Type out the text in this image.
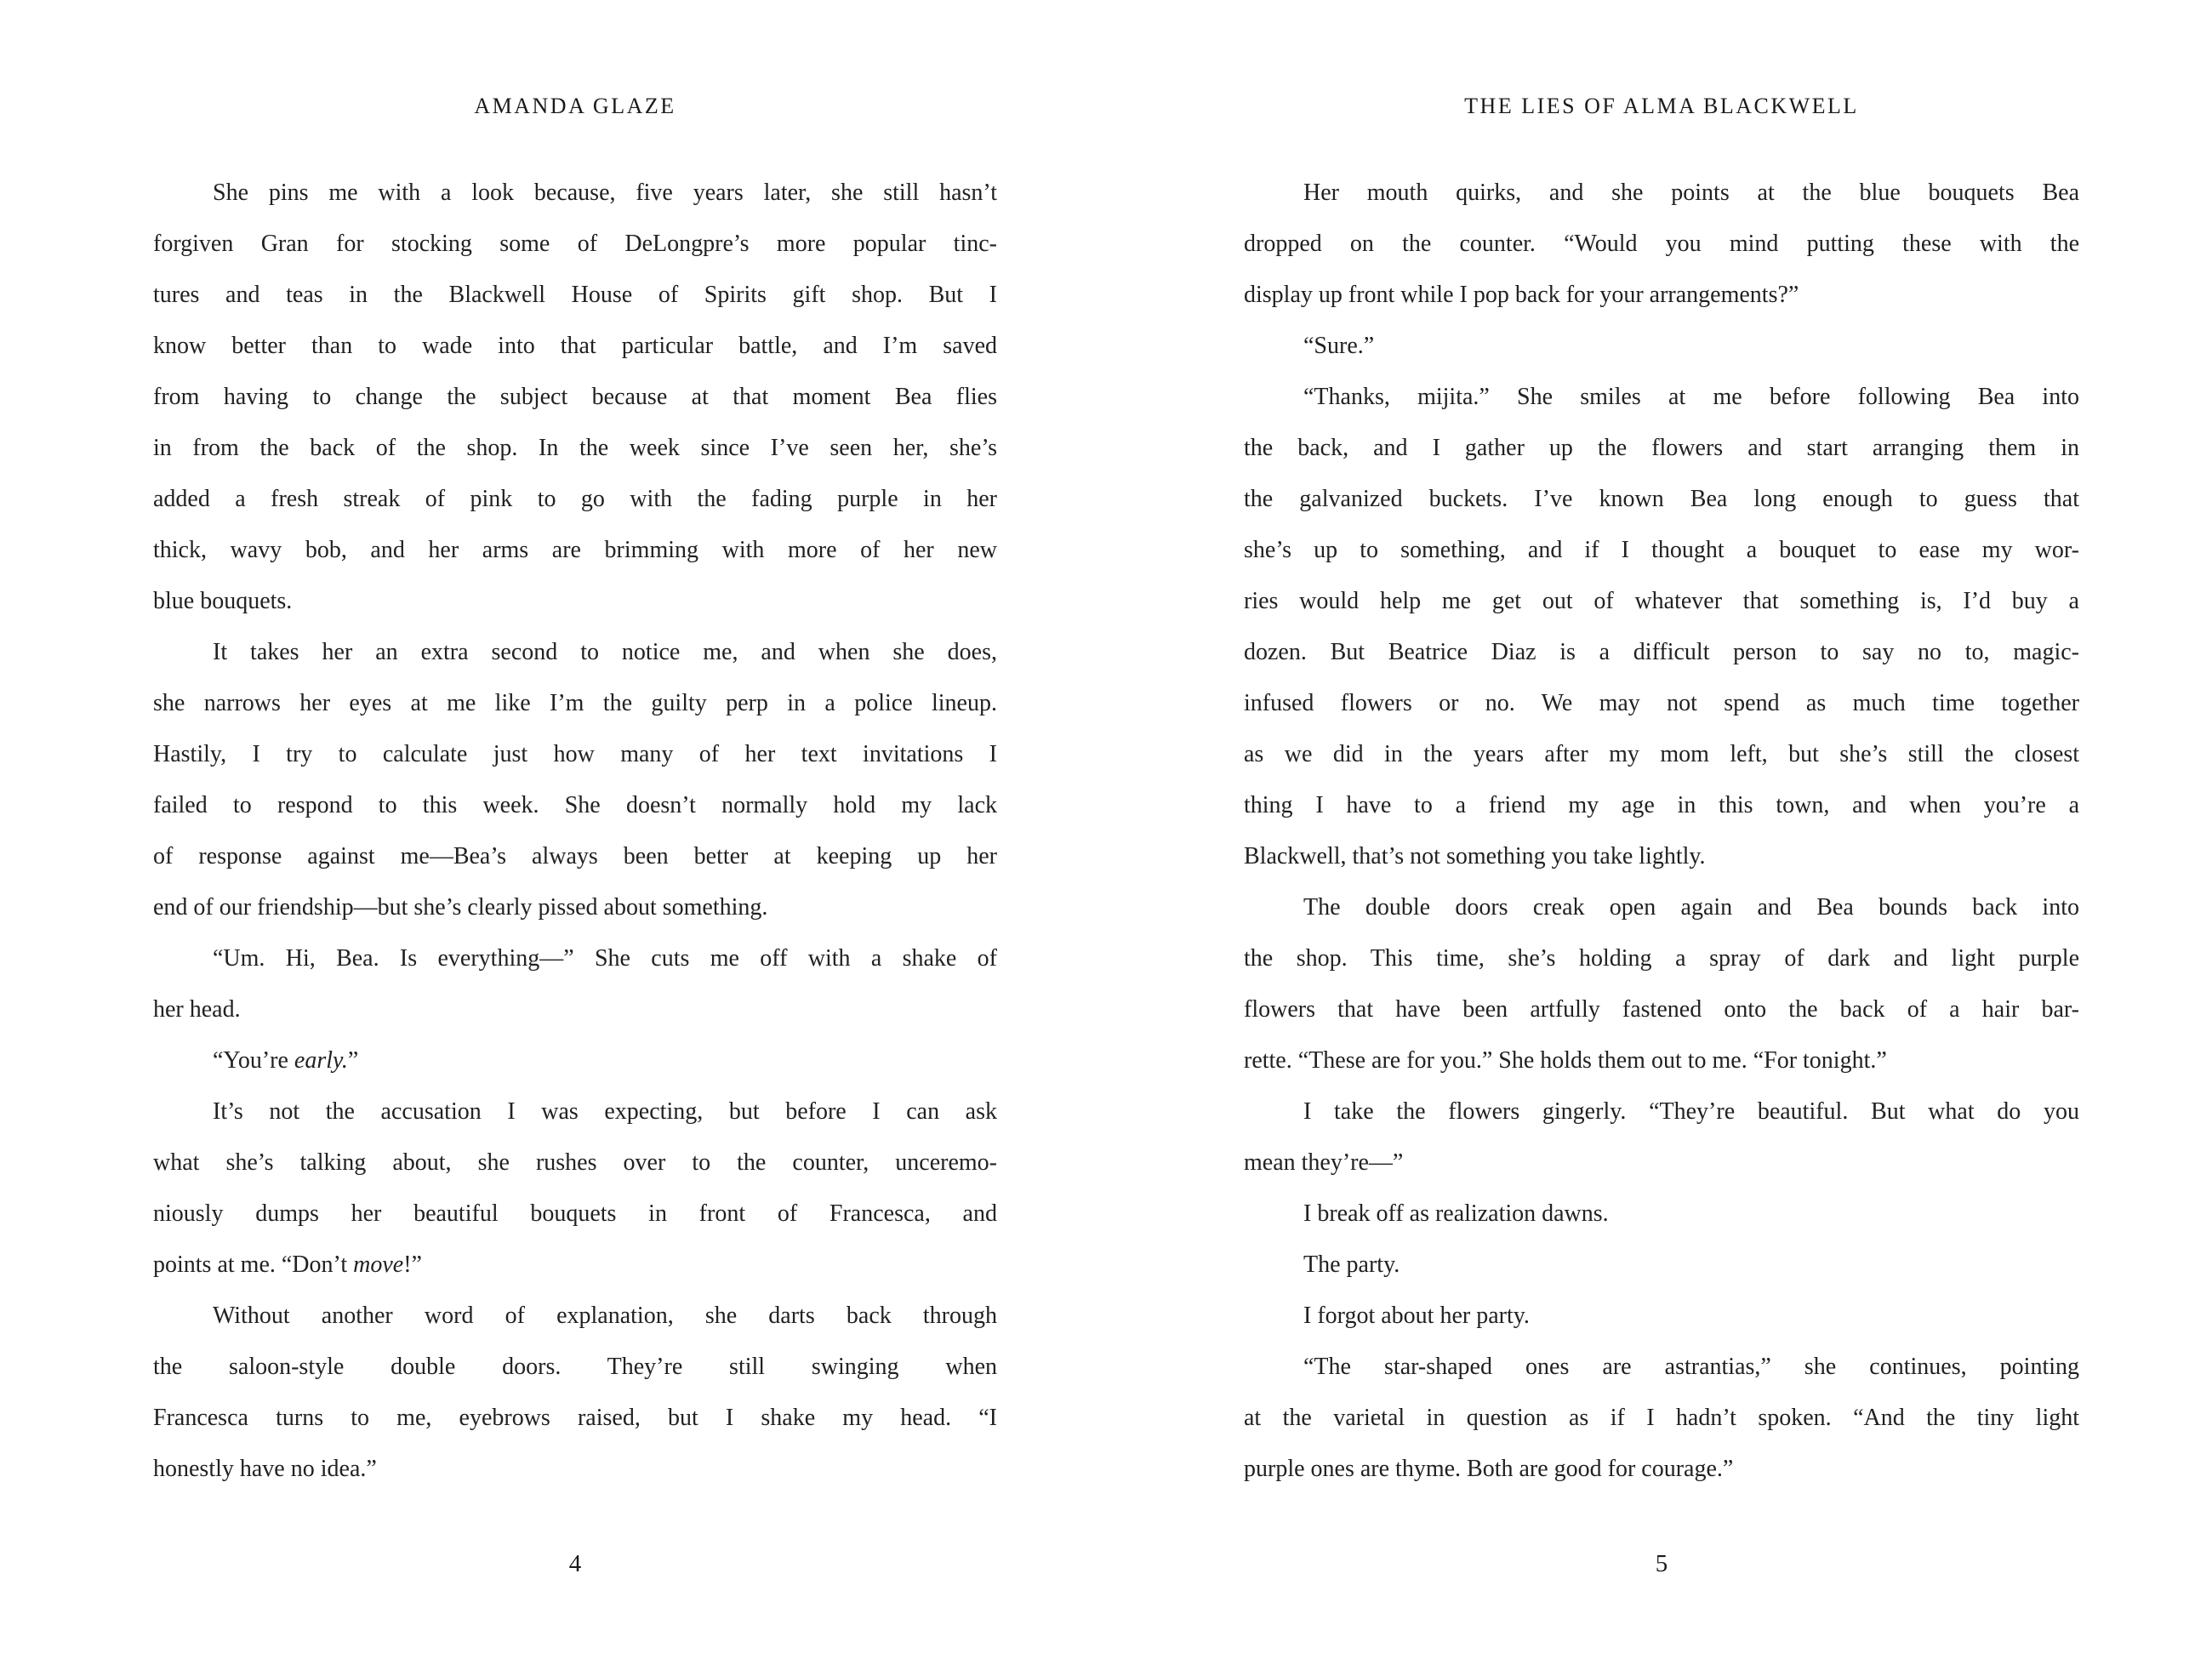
AMANDA GLAZE	THE LIES OF ALMA BLACKWELL
She pins me with a look because, five years later, she still hasn’t
forgiven Gran for stocking some of DeLongpre’s more popular tinc-
tures and teas in the Blackwell House of Spirits gift shop. But I
know better than to wade into that particular battle, and I’m saved
from having to change the subject because at that moment Bea flies
in from the back of the shop. In the week since I’ve seen her, she’s
added a fresh streak of pink to go with the fading purple in her
thick, wavy bob, and her arms are brimming with more of her new
blue bouquets.
It takes her an extra second to notice me, and when she does,
she narrows her eyes at me like I’m the guilty perp in a police lineup.
Hastily, I try to calculate just how many of her text invitations I
failed to respond to this week. She doesn’t normally hold my lack
of response against me—Bea’s always been better at keeping up her
end of our friendship—but she’s clearly pissed about something.
“Um. Hi, Bea. Is everything—” She cuts me off with a shake of
her head.
“You’re early.”
It’s not the accusation I was expecting, but before I can ask
what she’s talking about, she rushes over to the counter, unceremo-
niously dumps her beautiful bouquets in front of Francesca, and
points at me. “Don’t move!”
Without another word of explanation, she darts back through
the saloon-style double doors. They’re still swinging when
Francesca turns to me, eyebrows raised, but I shake my head. “I
honestly have no idea.”
Her mouth quirks, and she points at the blue bouquets Bea
dropped on the counter. “Would you mind putting these with the
display up front while I pop back for your arrangements?”
“Sure.”
“Thanks, mijita.” She smiles at me before following Bea into
the back, and I gather up the flowers and start arranging them in
the galvanized buckets. I’ve known Bea long enough to guess that
she’s up to something, and if I thought a bouquet to ease my wor-
ries would help me get out of whatever that something is, I’d buy a
dozen. But Beatrice Diaz is a difficult person to say no to, magic-
infused flowers or no. We may not spend as much time together
as we did in the years after my mom left, but she’s still the closest
thing I have to a friend my age in this town, and when you’re a
Blackwell, that’s not something you take lightly.
The double doors creak open again and Bea bounds back into
the shop. This time, she’s holding a spray of dark and light purple
flowers that have been artfully fastened onto the back of a hair bar-
rette. “These are for you.” She holds them out to me. “For tonight.”
I take the flowers gingerly. “They’re beautiful. But what do you
mean they’re—”
I break off as realization dawns.
The party.
I forgot about her party.
“The star-shaped ones are astrantias,” she continues, pointing
at the varietal in question as if I hadn’t spoken. “And the tiny light
purple ones are thyme. Both are good for courage.”
4	5
